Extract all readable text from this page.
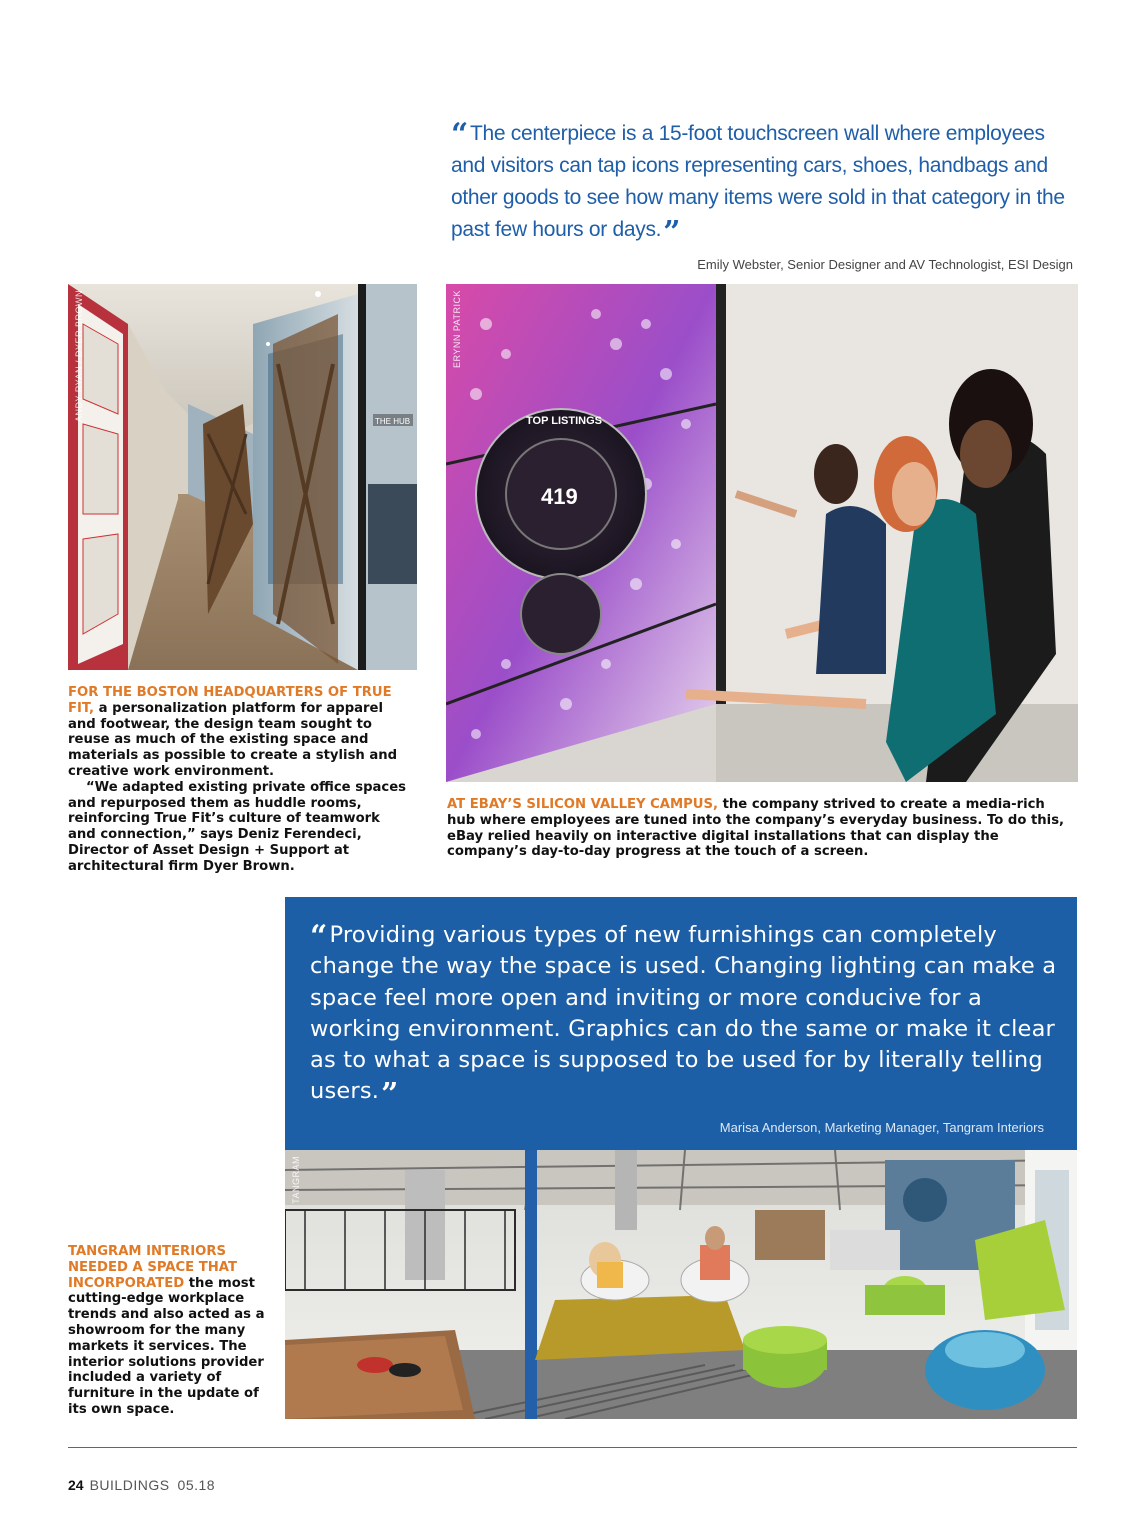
“The centerpiece is a 15-foot touchscreen wall where employees and visitors can tap icons representing cars, shoes, handbags and other goods to see how many items were sold in that category in the past few hours or days.”
Emily Webster, Senior Designer and AV Technologist, ESI Design
THE HUB
ANDY RYAN / DYER BROWN	TOP LISTINGS
419
ERYNN PATRICK

FOR THE BOSTON HEADQUARTERS OF TRUE FIT, a personalization platform for apparel and footwear, the design team sought to reuse as much of the existing space and materials as possible to create a stylish and creative work environment.

“We adapted existing private office spaces and repurposed them as huddle rooms, reinforcing True Fit’s culture of teamwork and connection,” says Deniz Ferendeci, Director of Asset Design + Support at architectural firm Dyer Brown.

AT EBAY’S SILICON VALLEY CAMPUS, the company strived to create a media-rich hub where employees are tuned into the company’s everyday business. To do this, eBay relied heavily on interactive digital installations that can display the company’s day-to-day progress at the touch of a screen.

“Providing various types of new furnishings can completely change the way the space is used. Changing lighting can make a space feel more open and inviting or more conducive for a working environment. Graphics can do the same or make it clear as to what a space is supposed to be used for by literally telling users.”
Marisa Anderson, Marketing Manager, Tangram Interiors
TANGRAM

TANGRAM INTERIORS NEEDED A SPACE THAT INCORPORATED the most cutting-edge workplace trends and also acted as a showroom for the many markets it services. The interior solutions provider included a variety of furniture in the update of its own space.

24 BUILDINGS 05.18
